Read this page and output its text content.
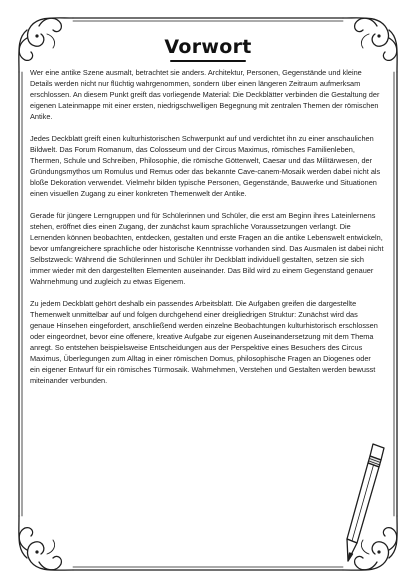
Vorwort

Wer eine antike Szene ausmalt, betrachtet sie anders. Architektur, Personen, Gegenstände und kleine Details werden nicht nur flüchtig wahrgenommen, sondern über einen längeren Zeitraum aufmerksam erschlossen. An diesem Punkt greift das vorliegende Material: Die Deckblätter verbinden die Gestaltung der eigenen Lateinmappe mit einer ersten, niedrigschwelligen Begegnung mit zentralen Themen der römischen Antike.

Jedes Deckblatt greift einen kulturhistorischen Schwerpunkt auf und verdichtet ihn zu einer anschaulichen Bildwelt. Das Forum Romanum, das Colosseum und der Circus Maximus, römisches Familienleben, Thermen, Schule und Schreiben, Philosophie, die römische Götterwelt, Caesar und das Militärwesen, der Gründungsmythos um Romulus und Remus oder das bekannte Cave-canem-Mosaik werden dabei nicht als bloße Dekoration verwendet. Vielmehr bilden typische Personen, Gegenstände, Bauwerke und Situationen einen visuellen Zugang zu einer konkreten Themenwelt der Antike.

Gerade für jüngere Lerngruppen und für Schülerinnen und Schüler, die erst am Beginn ihres Lateinlernens stehen, eröffnet dies einen Zugang, der zunächst kaum sprachliche Voraussetzungen verlangt. Die Lernenden können beobachten, entdecken, gestalten und erste Fragen an die antike Lebenswelt entwickeln, bevor umfangreichere sprachliche oder historische Kenntnisse vorhanden sind. Das Ausmalen ist dabei nicht Selbstzweck: Während die Schülerinnen und Schüler ihr Deckblatt individuell gestalten, setzen sie sich immer wieder mit den dargestellten Elementen auseinander. Das Bild wird zu einem Gegenstand genauer Wahrnehmung und zugleich zu etwas Eigenem.

Zu jedem Deckblatt gehört deshalb ein passendes Arbeitsblatt. Die Aufgaben greifen die dargestellte Themenwelt unmittelbar auf und folgen durchgehend einer dreigliedrigen Struktur: Zunächst wird das genaue Hinsehen eingefordert, anschließend werden einzelne Beobachtungen kulturhistorisch erschlossen oder eingeordnet, bevor eine offenere, kreative Aufgabe zur eigenen Auseinandersetzung mit dem Thema anregt. So entstehen beispielsweise Entscheidungen aus der Perspektive eines Besuchers des Circus Maximus, Überlegungen zum Alltag in einer römischen Domus, philosophische Fragen an Diogenes oder ein eigener Entwurf für ein römisches Türmosaik. Wahrnehmen, Verstehen und Gestalten werden bewusst miteinander verbunden.
